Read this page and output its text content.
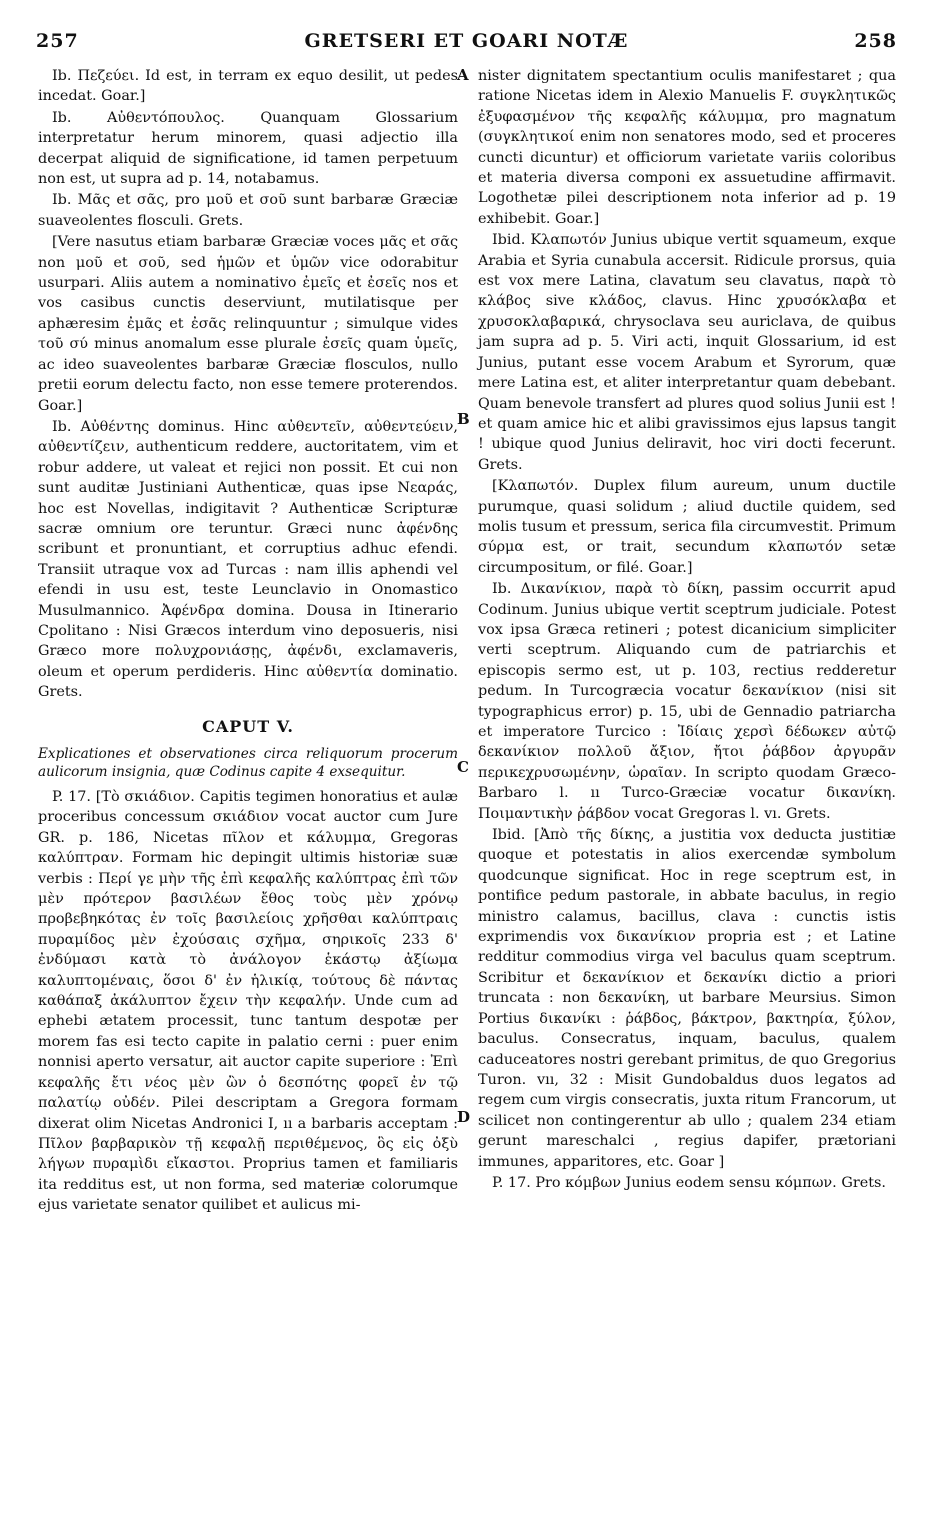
257	GRETSERI ET GOARI NOTÆ	258
A
B
C
D

Ib. Πεζεύει. Id est, in terram ex equo desilit, ut pedes incedat. Goar.]

Ib. Αὐθεντόπουλος. Quanquam Glossarium interpretatur herum minorem, quasi adjectio illa decerpat aliquid de significatione, id tamen perpetuum non est, ut supra ad p. 14, notabamus.

Ib. Μᾶς et σᾶς, pro μοῦ et σοῦ sunt barbaræ Græciæ suaveolentes flosculi. Grets.

[Vere nasutus etiam barbaræ Græciæ voces μᾶς et σᾶς non μοῦ et σοῦ, sed ἡμῶν et ὑμῶν vice odorabitur usurpari. Aliis autem a nominativo ἐμεῖς et ἐσεῖς nos et vos casibus cunctis deserviunt, mutilatisque per aphæresim ἐμᾶς et ἐσᾶς relinquuntur ; simulque vides τοῦ σύ minus anomalum esse plurale ἐσεῖς quam ὑμεῖς, ac ideo suaveolentes barbaræ Græciæ flosculos, nullo pretii eorum delectu facto, non esse temere proterendos. Goar.]

Ib. Αὐθέντης dominus. Hinc αὐθεντεῖν, αὐθεντεύειν, αὐθεντίζειν, authenticum reddere, auctoritatem, vim et robur addere, ut valeat et rejici non possit. Et cui non sunt auditæ Justiniani Authenticæ, quas ipse Νεαράς, hoc est Novellas, indigitavit ? Authenticæ Scripturæ sacræ omnium ore teruntur. Græci nunc ἀφένδης scribunt et pronuntiant, et corruptius adhuc efendi. Transiit utraque vox ad Turcas : nam illis aphendi vel efendi in usu est, teste Leunclavio in Onomastico Musulmannico. Ἀφένδρα domina. Dousa in Itinerario Cpolitano : Nisi Græcos interdum vino deposueris, nisi Græco more πολυχρονιάσῃς, ἀφένδι, exclamaveris, oleum et operum perdideris. Hinc αὐθεντία dominatio. Grets.

CAPUT V.

Explicationes et observationes circa reliquorum procerum aulicorum insignia, quæ Codinus capite 4 exsequitur.

P. 17. [Τὸ σκιάδιον. Capitis tegimen honoratius et aulæ proceribus concessum σκιάδιον vocat auctor cum Jure GR. p. 186, Nicetas πῖλον et κάλυμμα, Gregoras καλύπτραν. Formam hic depingit ultimis historiæ suæ verbis : Περί γε μὴν τῆς ἐπὶ κεφαλῆς καλύπτρας ἐπὶ τῶν μὲν πρότερον βασιλέων ἔθος τοὺς μὲν χρόνῳ προβεβηκότας ἐν τοῖς βασιλείοις χρῆσθαι καλύπτραις πυραμίδος μὲν ἐχούσαις σχῆμα, σηρικοῖς 233 δ' ἐνδύμασι κατὰ τὸ ἀνάλογον ἑκάστῳ ἀξίωμα καλυπτομέναις, ὅσοι δ' ἐν ἡλικίᾳ, τούτους δὲ πάντας καθάπαξ ἀκάλυπτον ἔχειν τὴν κεφαλήν. Unde cum ad ephebi ætatem processit, tunc tantum despotæ per morem fas esi tecto capite in palatio cerni : puer enim nonnisi aperto versatur, ait auctor capite superiore : Ἐπὶ κεφαλῆς ἔτι νέος μὲν ὢν ὁ δεσπότης φορεῖ ἐν τῷ παλατίῳ οὐδέν. Pilei descriptam a Gregora formam dixerat olim Nicetas Andronici I, ıı a barbaris acceptam : Πῖλον βαρβαρικὸν τῇ κεφαλῇ περιθέμενος, ὃς εἰς ὀξὺ λήγων πυραμὶδι εἴκαστοι. Proprius tamen et familiaris ita redditus est, ut non forma, sed materiæ colorumque ejus varietate senator quilibet et aulicus mi-

nister dignitatem spectantium oculis manifestaret ; qua ratione Nicetas idem in Alexio Manuelis F. συγκλητικῶς ἐξυφασμένον τῆς κεφαλῆς κάλυμμα, pro magnatum (συγκλητικοί enim non senatores modo, sed et proceres cuncti dicuntur) et officiorum varietate variis coloribus et materia diversa componi ex assuetudine affirmavit. Logothetæ pilei descriptionem nota inferior ad p. 19 exhibebit. Goar.]

Ibid. Κλαπωτόν Junius ubique vertit squameum, exque Arabia et Syria cunabula accersit. Ridicule prorsus, quia est vox mere Latina, clavatum seu clavatus, παρὰ τὸ κλάβος sive κλάδος, clavus. Hinc χρυσόκλαβα et χρυσοκλαβαρικά, chrysoclava seu auriclava, de quibus jam supra ad p. 5. Viri acti, inquit Glossarium, id est Junius, putant esse vocem Arabum et Syrorum, quæ mere Latina est, et aliter interpretantur quam debebant. Quam benevole transfert ad plures quod solius Junii est ! et quam amice hic et alibi gravissimos ejus lapsus tangit ! ubique quod Junius deliravit, hoc viri docti fecerunt. Grets.

[Κλαπωτόν. Duplex filum aureum, unum ductile purumque, quasi solidum ; aliud ductile quidem, sed molis tusum et pressum, serica fila circumvestit. Primum σύρμα est, or trait, secundum κλαπωτόν setæ circumpositum, or filé. Goar.]

Ib. Δικανίκιον, παρὰ τὸ δίκη, passim occurrit apud Codinum. Junius ubique vertit sceptrum judiciale. Potest vox ipsa Græca retineri ; potest dicanicium simpliciter verti sceptrum. Aliquando cum de patriarchis et episcopis sermo est, ut p. 103, rectius redderetur pedum. In Turcogræcia vocatur δεκανίκιον (nisi sit typographicus error) p. 15, ubi de Gennadio patriarcha et imperatore Turcico : Ἰδίαις χερσὶ δέδωκεν αὐτῷ δεκανίκιον πολλοῦ ἄξιον, ἤτοι ῥάβδον ἀργυρᾶν περικεχρυσωμένην, ὡραῖαν. In scripto quodam Græco-Barbaro l. ıı Turco-Græciæ vocatur δικανίκη. Ποιμαντικὴν ῥάβδον vocat Gregoras l. vı. Grets.

Ibid. [Ἀπὸ τῆς δίκης, a justitia vox deducta justitiæ quoque et potestatis in alios exercendæ symbolum quodcunque significat. Hoc in rege sceptrum est, in pontifice pedum pastorale, in abbate baculus, in regio ministro calamus, bacillus, clava : cunctis istis exprimendis vox δικανίκιον propria est ; et Latine redditur commodius virga vel baculus quam sceptrum. Scribitur et δεκανίκιον et δεκανίκι dictio a priori truncata : non δεκανίκη, ut barbare Meursius. Simon Portius δικανίκι : ῥάβδος, βάκτρον, βακτηρία, ξύλον, baculus. Consecratus, inquam, baculus, qualem caduceatores nostri gerebant primitus, de quo Gregorius Turon. vıı, 32 : Misit Gundobaldus duos legatos ad regem cum virgis consecratis, juxta ritum Francorum, ut scilicet non contingerentur ab ullo ; qualem 234 etiam gerunt mareschalci , regius dapifer, prætoriani immunes, apparitores, etc. Goar ]

P. 17. Pro κόμβων Junius eodem sensu κόμπων. Grets.
